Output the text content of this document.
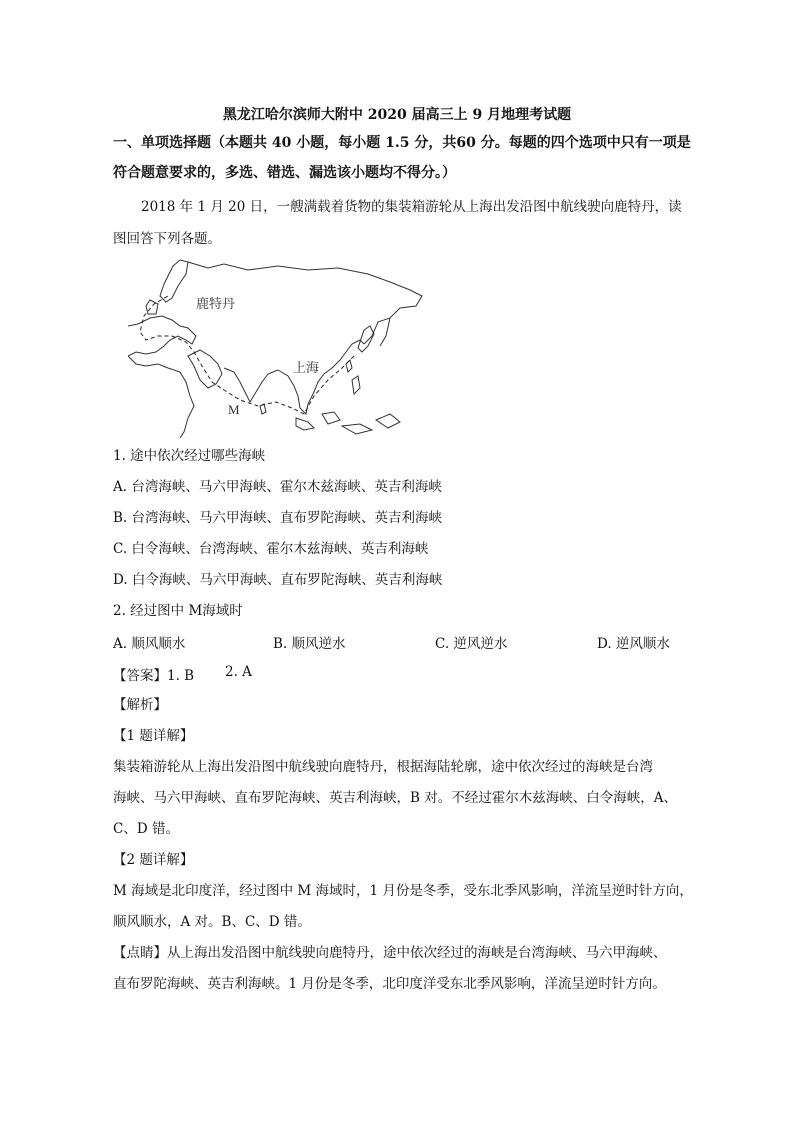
黑龙江哈尔滨师大附中 2020 届高三上 9 月地理考试题
一、单项选择题（本题共 40 小题，每小题 1.5 分，共60 分。每题的四个选项中只有一项是
符合题意要求的，多选、错选、漏选该小题均不得分。）
2018 年 1 月 20 日，一艘满载着货物的集装箱游轮从上海出发沿图中航线驶向鹿特丹，读
图回答下列各题。
鹿特丹
上海
M
1. 途中依次经过哪些海峡
A. 台湾海峡、马六甲海峡、霍尔木兹海峡、英吉利海峡
B. 台湾海峡、马六甲海峡、直布罗陀海峡、英吉利海峡
C. 白令海峡、台湾海峡、霍尔木兹海峡、英吉利海峡
D. 白令海峡、马六甲海峡、直布罗陀海峡、英吉利海峡
2. 经过图中 M海域时
A. 顺风顺水	B. 顺风逆水	C. 逆风逆水	D. 逆风顺水
【答案】1. B 2. A
【解析】
【1 题详解】
集装箱游轮从上海出发沿图中航线驶向鹿特丹，根据海陆轮廓，途中依次经过的海峡是台湾
海峡、马六甲海峡、直布罗陀海峡、英吉利海峡，B 对。不经过霍尔木兹海峡、白令海峡，A、
C、D 错。
【2 题详解】
M 海域是北印度洋，经过图中 M 海域时，1 月份是冬季，受东北季风影响，洋流呈逆时针方向，
顺风顺水，A 对。B、C、D 错。
【点睛】从上海出发沿图中航线驶向鹿特丹，途中依次经过的海峡是台湾海峡、马六甲海峡、
直布罗陀海峡、英吉利海峡。1 月份是冬季，北印度洋受东北季风影响，洋流呈逆时针方向。
